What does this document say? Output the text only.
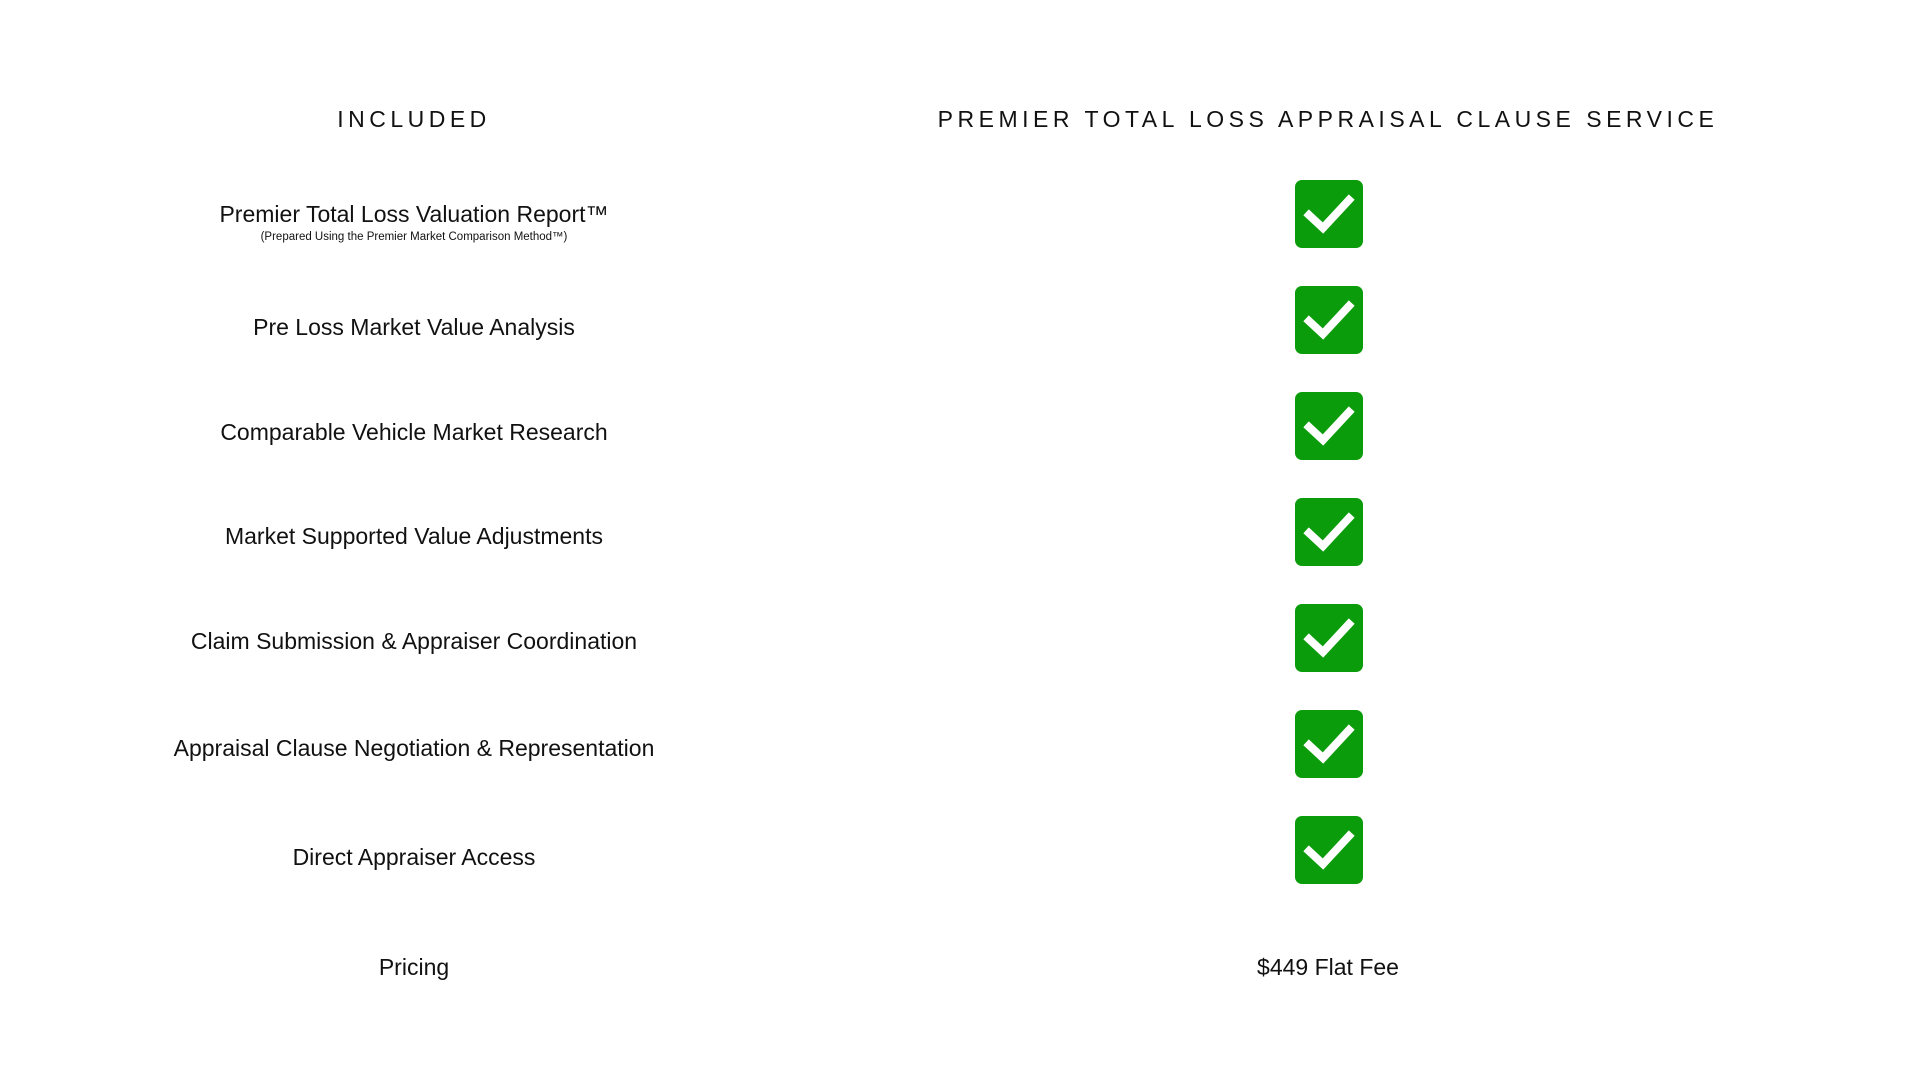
INCLUDED	PREMIER TOTAL LOSS APPRAISAL CLAUSE SERVICE
Premier Total Loss Valuation Report™
(Prepared Using the Premier Market Comparison Method™)
Pre Loss Market Value Analysis
Comparable Vehicle Market Research
Market Supported Value Adjustments
Claim Submission & Appraiser Coordination
Appraisal Clause Negotiation & Representation
Direct Appraiser Access
Pricing	$449 Flat Fee
